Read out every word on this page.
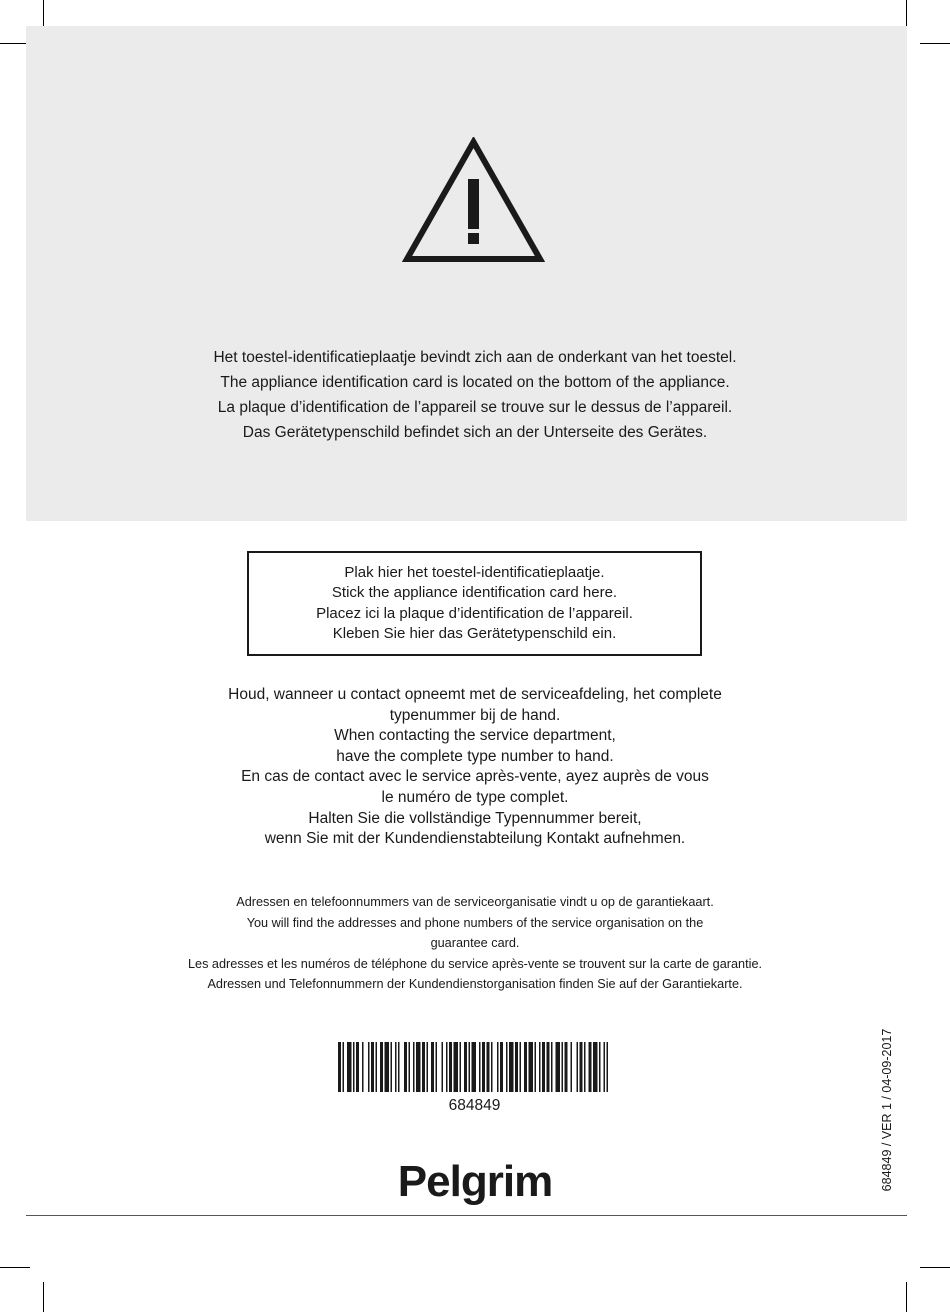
Het toestel-identificatieplaatje bevindt zich aan de onderkant van het toestel.
The appliance identification card is located on the bottom of the appliance.
La plaque d’identification de l’appareil se trouve sur le dessus de l’appareil.
Das Gerätetypenschild befindet sich an der Unterseite des Gerätes.
Plak hier het toestel-identificatieplaatje.
Stick the appliance identification card here.
Placez ici la plaque d’identification de l’appareil.
Kleben Sie hier das Gerätetypenschild ein.
Houd, wanneer u contact opneemt met de serviceafdeling, het complete
typenummer bij de hand.
When contacting the service department,
have the complete type number to hand.
En cas de contact avec le service après-vente, ayez auprès de vous
le numéro de type complet.
Halten Sie die vollständige Typennummer bereit,
wenn Sie mit der Kundendienstabteilung Kontakt aufnehmen.
Adressen en telefoonnummers van de serviceorganisatie vindt u op de garantiekaart.
You will find the addresses and phone numbers of the service organisation on the
guarantee card.
Les adresses et les numéros de téléphone du service après-vente se trouvent sur la carte de garantie.
Adressen und Telefonnummern der Kundendienstorganisation finden Sie auf der Garantiekarte.
684849
Pelgrim	684849 / VER 1 / 04-09-2017
